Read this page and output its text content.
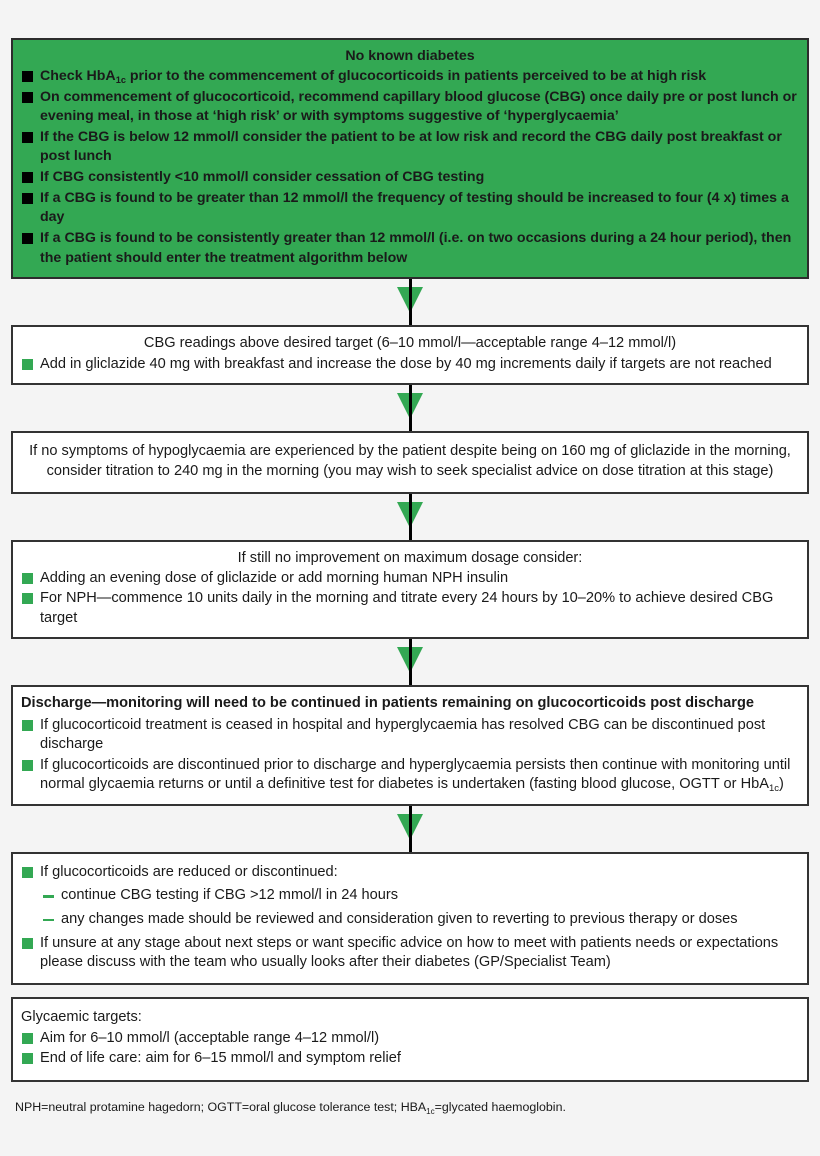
No known diabetes

Check HbA$_{1c}$ prior to the commencement of glucocorticoids in patients perceived to be at high risk
On commencement of glucocorticoid, recommend capillary blood glucose (CBG) once daily pre or post lunch or evening meal, in those at ‘high risk’ or with symptoms suggestive of ‘hyperglycaemia’
If the CBG is below 12 mmol/l consider the patient to be at low risk and record the CBG daily post breakfast or post lunch
If CBG consistently <10 mmol/l consider cessation of CBG testing
If a CBG is found to be greater than 12 mmol/l the frequency of testing should be increased to four (4 x) times a day
If a CBG is found to be consistently greater than 12 mmol/l (i.e. on two occasions during a 24 hour period), then the patient should enter the treatment algorithm below

CBG readings above desired target (6–10 mmol/l—acceptable range 4–12 mmol/l)

Add in gliclazide 40 mg with breakfast and increase the dose by 40 mg increments daily if targets are not reached

If no symptoms of hypoglycaemia are experienced by the patient despite being on 160 mg of gliclazide in the morning, consider titration to 240 mg in the morning (you may wish to seek specialist advice on dose titration at this stage)

If still no improvement on maximum dosage consider:

Adding an evening dose of gliclazide or add morning human NPH insulin
For NPH—commence 10 units daily in the morning and titrate every 24 hours by 10–20% to achieve desired CBG target

Discharge—monitoring will need to be continued in patients remaining on glucocorticoids post discharge

If glucocorticoid treatment is ceased in hospital and hyperglycaemia has resolved CBG can be discontinued post discharge
If glucocorticoids are discontinued prior to discharge and hyperglycaemia persists then continue with monitoring until normal glycaemia returns or until a definitive test for diabetes is undertaken (fasting blood glucose, OGTT or HbA$_{1c}$)
If glucocorticoids are reduced or discontinued:
continue CBG testing if CBG >12 mmol/l in 24 hours
any changes made should be reviewed and consideration given to reverting to previous therapy or doses
If unsure at any stage about next steps or want specific advice on how to meet with patients needs or expectations please discuss with the team who usually looks after their diabetes (GP/Specialist Team)

Glycaemic targets:

Aim for 6–10 mmol/l (acceptable range 4–12 mmol/l)
End of life care: aim for 6–15 mmol/l and symptom relief

NPH=neutral protamine hagedorn; OGTT=oral glucose tolerance test; $HBA_{1c}=glycated$ haemoglobin.
